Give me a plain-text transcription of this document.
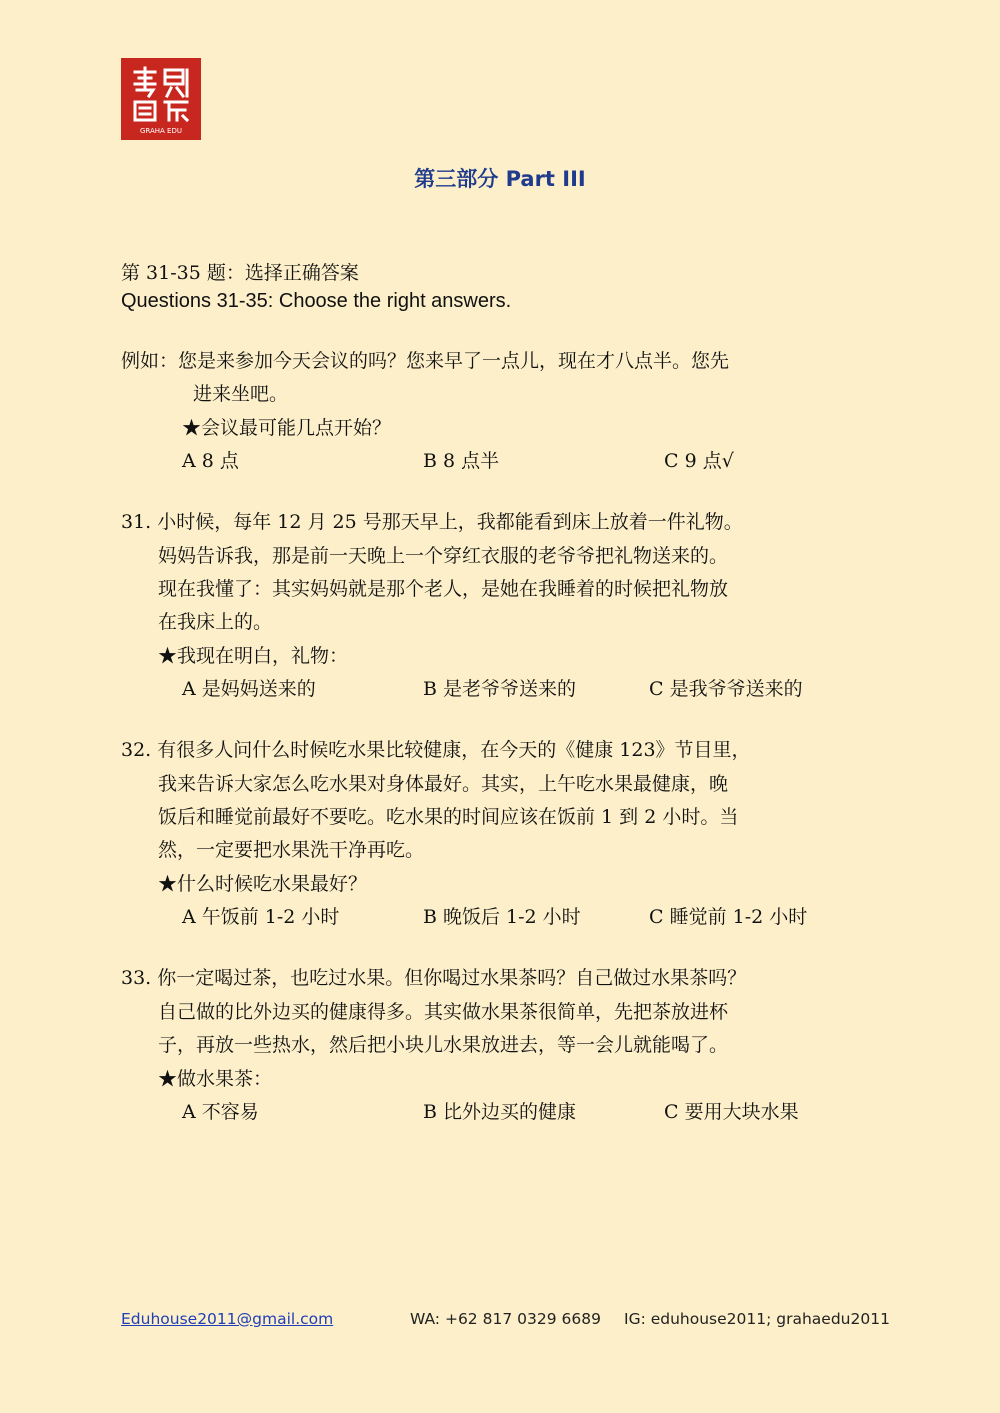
GRAHA EDU
第三部分 Part III
第 31-35 题：选择正确答案
Questions 31-35: Choose the right answers.
例如：您是来参加今天会议的吗？您来早了一点儿，现在才八点半。您先
进来坐吧。
★会议最可能几点开始？
A 8 点	B 8 点半	C 9 点√
31. 小时候，每年 12 月 25 号那天早上，我都能看到床上放着一件礼物。
妈妈告诉我，那是前一天晚上一个穿红衣服的老爷爷把礼物送来的。
现在我懂了：其实妈妈就是那个老人，是她在我睡着的时候把礼物放
在我床上的。
★我现在明白，礼物：
A 是妈妈送来的	B 是老爷爷送来的	C 是我爷爷送来的
32. 有很多人问什么时候吃水果比较健康，在今天的《健康 123》节目里，
我来告诉大家怎么吃水果对身体最好。其实，上午吃水果最健康，晚
饭后和睡觉前最好不要吃。吃水果的时间应该在饭前 1 到 2 小时。当
然，一定要把水果洗干净再吃。
★什么时候吃水果最好？
A 午饭前 1-2 小时	B 晚饭后 1-2 小时	C 睡觉前 1-2 小时
33. 你一定喝过茶，也吃过水果。但你喝过水果茶吗？自己做过水果茶吗？
自己做的比外边买的健康得多。其实做水果茶很简单，先把茶放进杯
子，再放一些热水，然后把小块儿水果放进去，等一会儿就能喝了。
★做水果茶：
A 不容易	B 比外边买的健康	C 要用大块水果
Eduhouse2011@gmail.com	WA: +62 817 0329 6689 IG: eduhouse2011; grahaedu2011
